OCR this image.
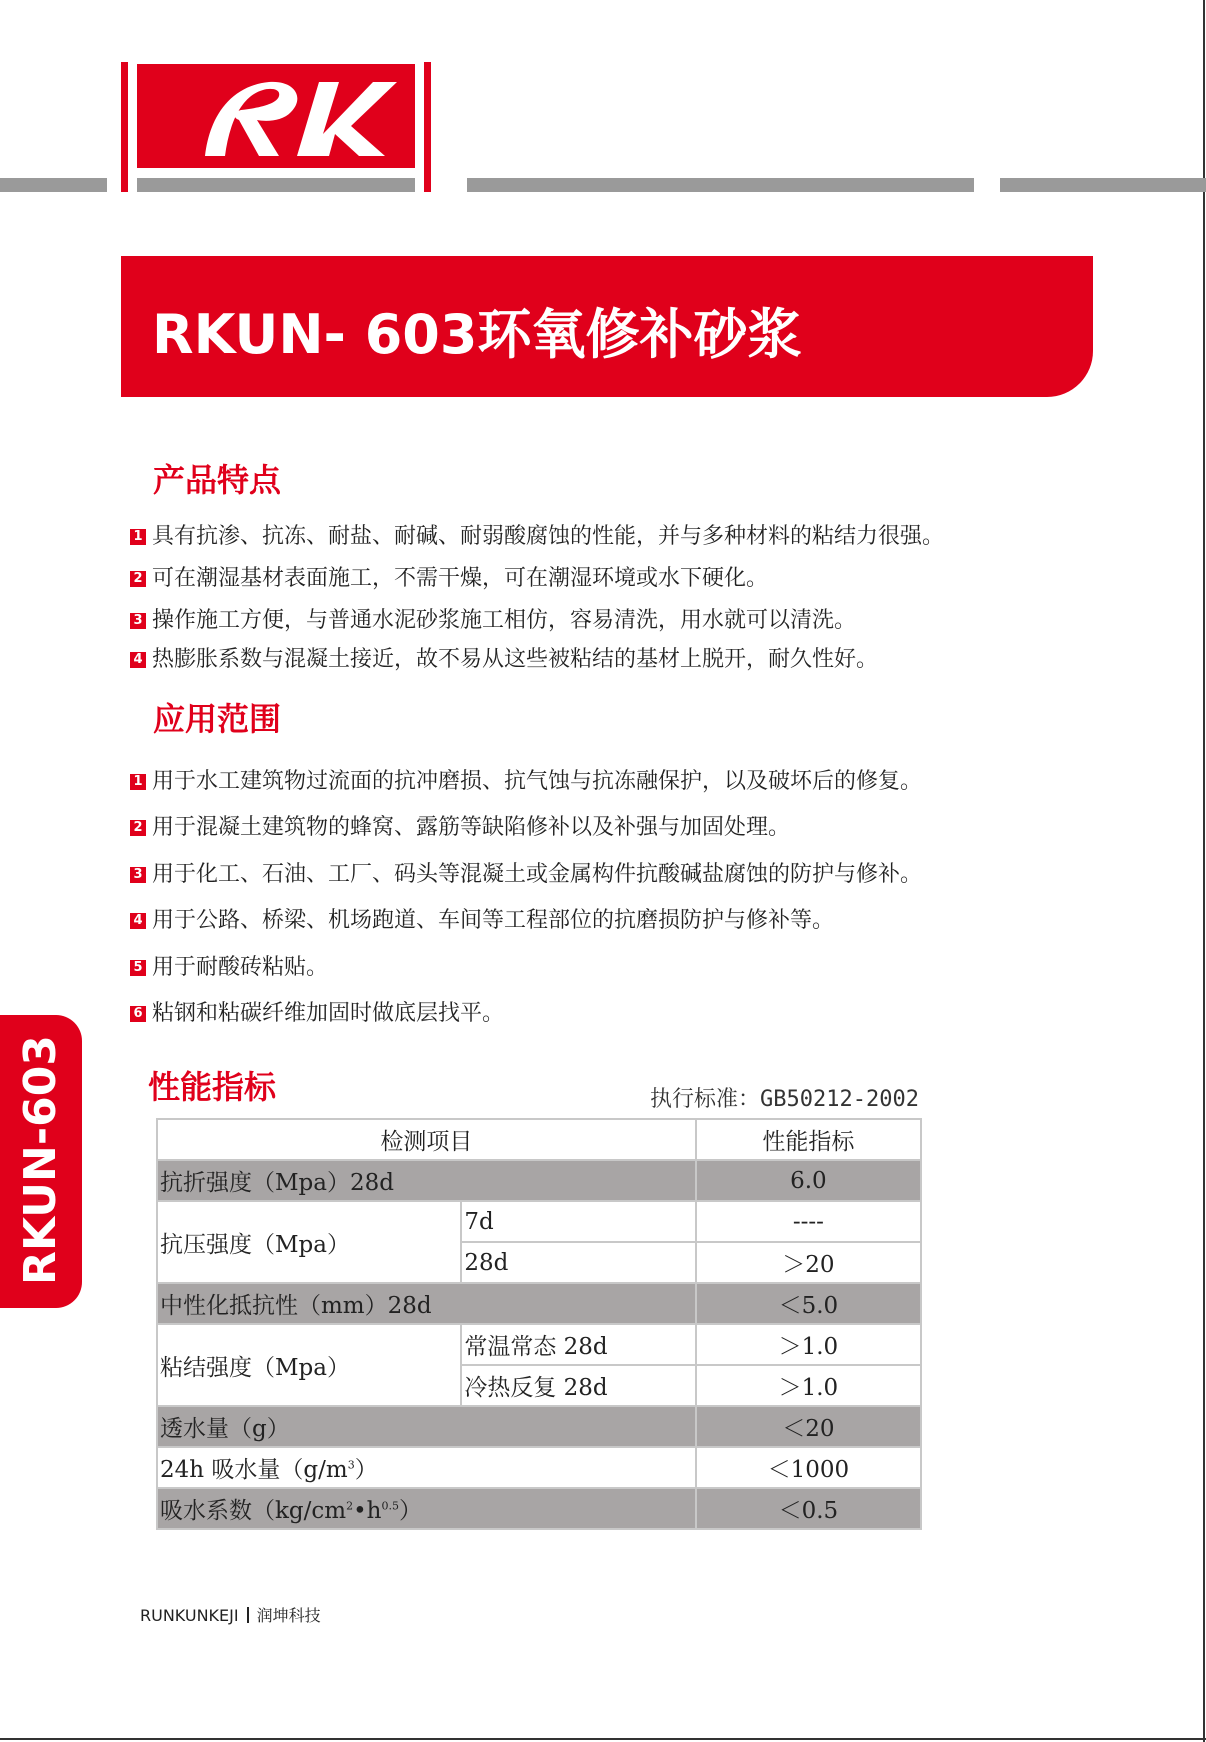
RKUN- 603环氧修补砂浆
产品特点
1 具有抗渗、抗冻、耐盐、耐碱、耐弱酸腐蚀的性能，并与多种材料的粘结力很强。
2 可在潮湿基材表面施工，不需干燥，可在潮湿环境或水下硬化。
3 操作施工方便，与普通水泥砂浆施工相仿，容易清洗，用水就可以清洗。
4 热膨胀系数与混凝土接近，故不易从这些被粘结的基材上脱开，耐久性好。
应用范围
1 用于水工建筑物过流面的抗冲磨损、抗气蚀与抗冻融保护，以及破坏后的修复。
2 用于混凝土建筑物的蜂窝、露筋等缺陷修补以及补强与加固处理。
3 用于化工、石油、工厂、码头等混凝土或金属构件抗酸碱盐腐蚀的防护与修补。
4 用于公路、桥梁、机场跑道、车间等工程部位的抗磨损防护与修补等。
5 用于耐酸砖粘贴。
6 粘钢和粘碳纤维加固时做底层找平。
RKUN-603	性能指标	执行标准：GB50212-2002
检测项目		性能指标
抗折强度（Mpa）28d		6.0
抗压强度（Mpa）	7d	----
	28d	＞20
中性化抵抗性（mm）28d		＜5.0
粘结强度（Mpa）	常温常态 28d	＞1.0
	冷热反复 28d	＞1.0
透水量（g）		＜20
24h 吸水量$(g/m^3)$		＜1000
吸水系数$(kg/cm^2•h^{0.5})$		＜0.5
RUNKUNKEJI 润坤科技
